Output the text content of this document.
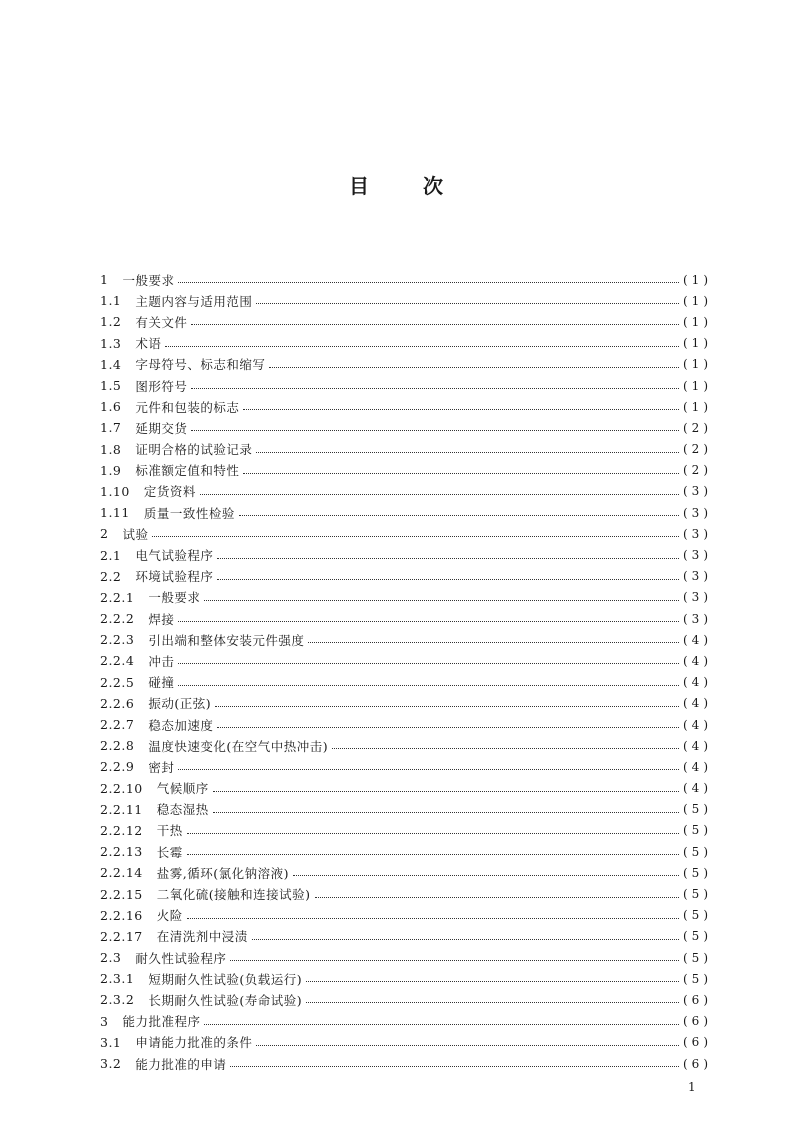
目	次
1 一般要求	(1)
1.1 主题内容与适用范围	(1)
1.2 有关文件	(1)
1.3 术语	(1)
1.4 字母符号、标志和缩写	(1)
1.5 图形符号	(1)
1.6 元件和包装的标志	(1)
1.7 延期交货	(2)
1.8 证明合格的试验记录	(2)
1.9 标准额定值和特性	(2)
1.10 定货资料	(3)
1.11 质量一致性检验	(3)
2 试验	(3)
2.1 电气试验程序	(3)
2.2 环境试验程序	(3)
2.2.1 一般要求	(3)
2.2.2 焊接	(3)
2.2.3 引出端和整体安装元件强度	(4)
2.2.4 冲击	(4)
2.2.5 碰撞	(4)
2.2.6 振动(正弦)	(4)
2.2.7 稳态加速度	(4)
2.2.8 温度快速变化(在空气中热冲击)	(4)
2.2.9 密封	(4)
2.2.10 气候顺序	(4)
2.2.11 稳态湿热	(5)
2.2.12 干热	(5)
2.2.13 长霉	(5)
2.2.14 盐雾,循环(氯化钠溶液)	(5)
2.2.15 二氧化硫(接触和连接试验)	(5)
2.2.16 火险	(5)
2.2.17 在清洗剂中浸渍	(5)
2.3 耐久性试验程序	(5)
2.3.1 短期耐久性试验(负载运行)	(5)
2.3.2 长期耐久性试验(寿命试验)	(6)
3 能力批准程序	(6)
3.1 申请能力批准的条件	(6)
3.2 能力批准的申请	(6)
1
